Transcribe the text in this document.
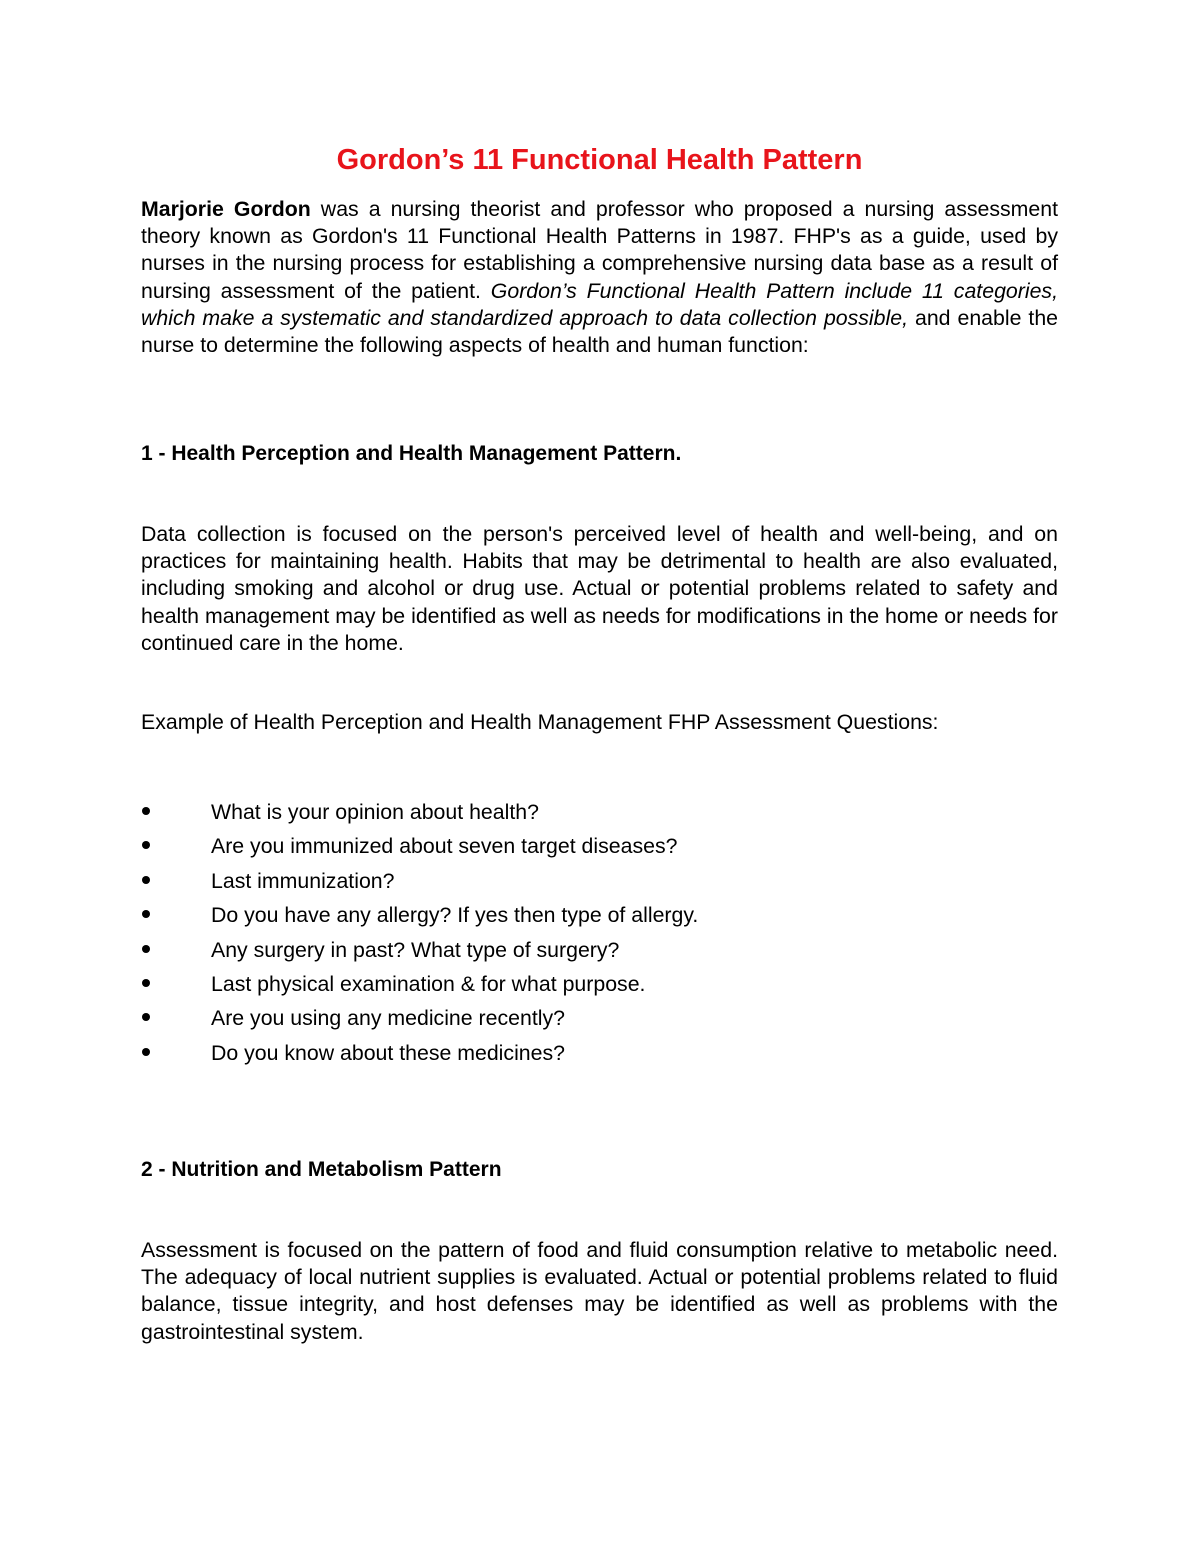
Gordon’s 11 Functional Health Pattern

Marjorie Gordon was a nursing theorist and professor who proposed a nursing assessment theory known as Gordon's 11 Functional Health Patterns in 1987. FHP's as a guide, used by nurses in the nursing process for establishing a comprehensive nursing data base as a result of nursing assessment of the patient. Gordon’s Functional Health Pattern include 11 categories, which make a systematic and standardized approach to data collection possible, and enable the nurse to determine the following aspects of health and human function:

1 - Health Perception and Health Management Pattern.

Data collection is focused on the person's perceived level of health and well-being, and on practices for maintaining health. Habits that may be detrimental to health are also evaluated, including smoking and alcohol or drug use. Actual or potential problems related to safety and health management may be identified as well as needs for modifications in the home or needs for continued care in the home.

Example of Health Perception and Health Management FHP Assessment Questions:

What is your opinion about health?
Are you immunized about seven target diseases?
Last immunization?
Do you have any allergy? If yes then type of allergy.
Any surgery in past? What type of surgery?
Last physical examination & for what purpose.
Are you using any medicine recently?
Do you know about these medicines?
2 - Nutrition and Metabolism Pattern

Assessment is focused on the pattern of food and fluid consumption relative to metabolic need. The adequacy of local nutrient supplies is evaluated. Actual or potential problems related to fluid balance, tissue integrity, and host defenses may be identified as well as problems with the gastrointestinal system.
